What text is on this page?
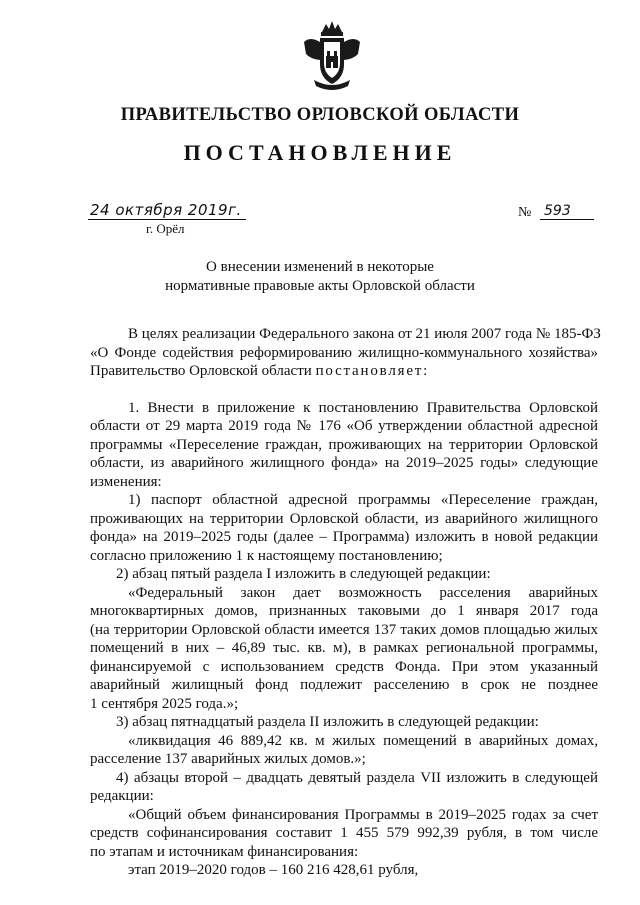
ПРАВИТЕЛЬСТВО ОРЛОВСКОЙ ОБЛАСТИ
ПОСТАНОВЛЕНИЕ
24 октября 2019г.
г. Орёл
№ 593
О внесении изменений в некоторые
нормативные правовые акты Орловской области
В целях реализации Федерального закона от 21 июля 2007 года № 185-ФЗ
«О Фонде содействия реформированию жилищно-коммунального хозяйства»
Правительство Орловской области постановляет:
1. Внести в приложение к постановлению Правительства Орловской
области от 29 марта 2019 года № 176 «Об утверждении областной адресной
программы «Переселение граждан, проживающих на территории Орловской
области, из аварийного жилищного фонда» на 2019–2025 годы» следующие
изменения:
1) паспорт областной адресной программы «Переселение граждан,
проживающих на территории Орловской области, из аварийного жилищного
фонда» на 2019–2025 годы (далее – Программа) изложить в новой редакции
согласно приложению 1 к настоящему постановлению;
2) абзац пятый раздела I изложить в следующей редакции:
«Федеральный закон дает возможность расселения аварийных
многоквартирных домов, признанных таковыми до 1 января 2017 года
(на территории Орловской области имеется 137 таких домов площадью жилых
помещений в них – 46,89 тыс. кв. м), в рамках региональной программы,
финансируемой с использованием средств Фонда. При этом указанный
аварийный жилищный фонд подлежит расселению в срок не позднее
1 сентября 2025 года.»;
3) абзац пятнадцатый раздела II изложить в следующей редакции:
«ликвидация 46 889,42 кв. м жилых помещений в аварийных домах,
расселение 137 аварийных жилых домов.»;
4) абзацы второй – двадцать девятый раздела VII изложить в следующей
редакции:
«Общий объем финансирования Программы в 2019–2025 годах за счет
средств софинансирования составит 1 455 579 992,39 рубля, в том числе
по этапам и источникам финансирования:
этап 2019–2020 годов – 160 216 428,61 рубля,
